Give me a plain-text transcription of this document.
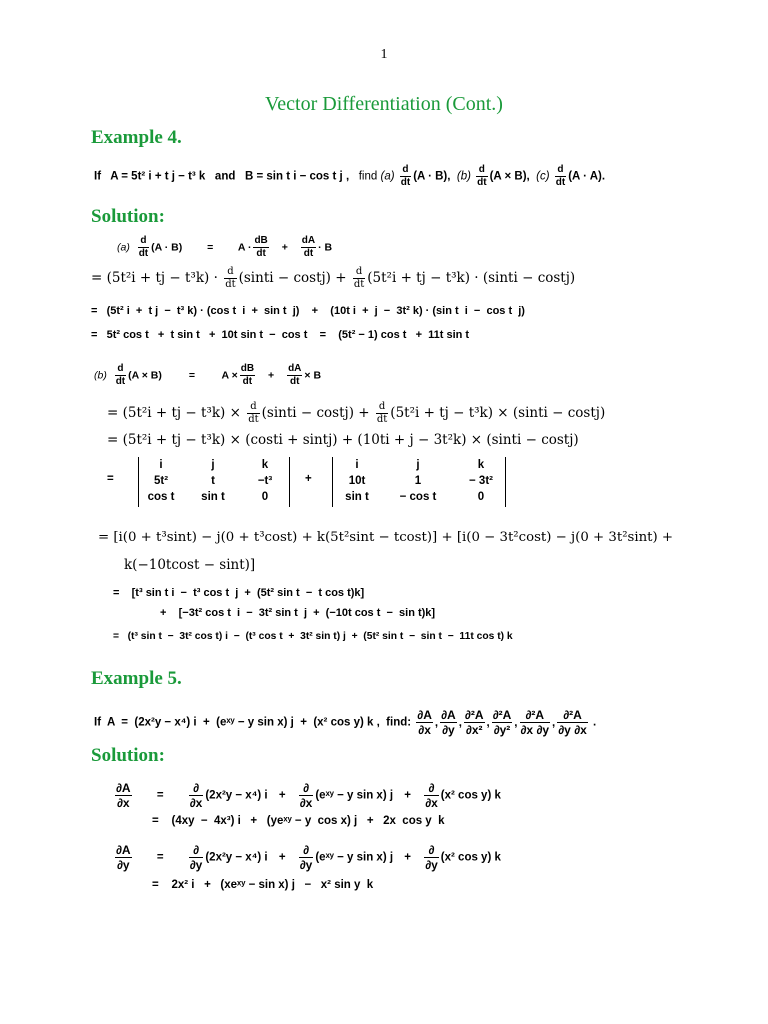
1
Vector Differentiation (Cont.)
Example 4.
If A = 5t² i + t j − t³ k and B = sin t i − cos t j , find $(a) \frac{d}{dt} (A \cdot B)$, $(b) \frac{d}{dt} (A \times B)$, $(c) \frac{d}{dt} (A \cdot A)$.
Solution:
$(a) \frac{d}{dt} (A \cdot B) = A \cdot \frac{dB}{dt} + \frac{dA}{dt} \cdot B$
= (5t²i + tj − $t^3k) \cdot \frac{d}{dt}$ (sinti − costj) + $\frac{d}{dt} (5t^2i$ + tj − t³k) · (sinti − costj)
=   (5t² i  +  t j  −  t³ k) · (cos t  i  +  sin t  j)    +    (10t i  +  j  −  3t² k) · (sin t  i  −  cos t  j)
=   5t² cos t   +  t sin t   +  10t sin t  −  cos t    =    (5t² − 1) cos t   +  11t sin t
$(b) \frac{d}{dt} (A \times B)$	=	$A \times \frac{dB}{dt} + \frac{dA}{dt} \times B$
= (5t²i + tj − $t^3k) \times \frac{d}{dt}$ (sinti − costj) + $\frac{d}{dt} (5t^2i$ + tj − t³k) × (sinti − costj)
= (5t²i + tj − t³k) × (costi + sintj) + (10ti + j − 3t²k) × (sinti − costj)
=
i	j	k
5t²	t	−t³
cos t	sin t	0
+
i	j	k
10t	1	− 3t²
sin t	− cos t	0
= [i(0 + t³sint) − j(0 + t³cost) + k(5t²sint − tcost)] + [i(0 − 3t²cost) − j(0 + 3t²sint) +
k(−10tcost − sint)]
=    [t³ sin t i  −  t³ cos t  j  +  (5t² sin t  −  t cos t)k]
+    [−3t² cos t  i  −  3t² sin t  j  +  (−10t cos t  −  sin t)k]
=   (t³ sin t  −  3t² cos t) i  −  (t³ cos t  +  3t² sin t) j  +  (5t² sin t  −  sin t  −  11t cos t) k
Example 5.
If  A  =  (2x²y − x⁴) i  +  (eˣʸ − y sin x) j  +  (x² cos y) k ,  find: $\frac{\partial A}{\partial x}$ , $\frac{\partial A}{\partial y}$ , $\frac{\text{∂²A}}{\text{∂x²}}$ , $\frac{\text{∂²A}}{\text{∂y²}}$ , $\frac{\text{∂²A}}{\partial x \partial y}$ , $\frac{\text{∂²A}}{\partial y \partial x}$ .
Solution:
$\frac{\partial A}{\partial x} = \frac{\partial}{\partial x} (2x^2y - x^4) i + \frac{\partial}{\partial x}$ (eˣʸ − y sin x) $j + \frac{\partial}{\partial x} (x^2$ cos y) k
=    (4xy  −  4x³) i   +   (yeˣʸ − y  cos x) j   +   2x  cos y  k
$\frac{\partial A}{\partial y} = \frac{\partial}{\partial y} (2x^2y - x^4) i + \frac{\partial}{\partial y}$ (eˣʸ − y sin x) $j + \frac{\partial}{\partial y} (x^2$ cos y) k
=    2x² i   +   (xeˣʸ − sin x) j   −   x² sin y  k
